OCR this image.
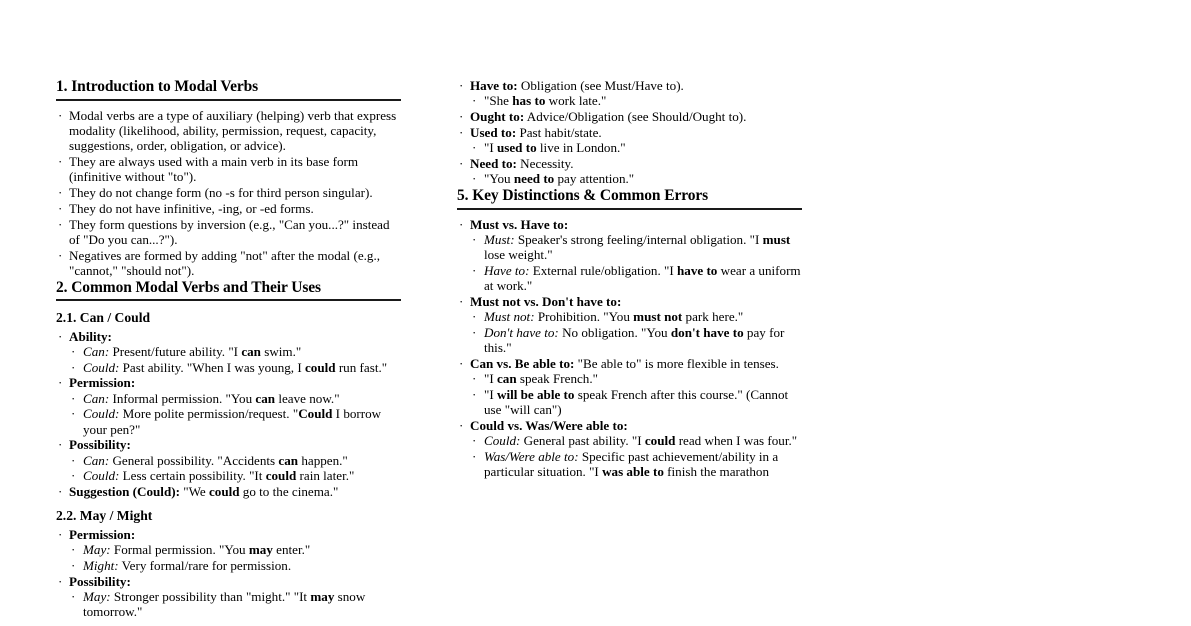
1. Introduction to Modal Verbs
· Modal verbs are a type of auxiliary (helping) verb that express modality (likelihood, ability, permission, request, capacity, suggestions, order, obligation, or advice).
· They are always used with a main verb in its base form (infinitive without "to").
· They do not change form (no -s for third person singular).
· They do not have infinitive, -ing, or -ed forms.
· They form questions by inversion (e.g., "Can you...?" instead of "Do you can...?").
· Negatives are formed by adding "not" after the modal (e.g., "cannot," "should not").
2. Common Modal Verbs and Their Uses
2.1. Can / Could
· Ability:
· Can: Present/future ability. "I can swim."
· Could: Past ability. "When I was young, I could run fast."
· Permission:
· Can: Informal permission. "You can leave now."
· Could: More polite permission/request. "Could I borrow your pen?"
· Possibility:
· Can: General possibility. "Accidents can happen."
· Could: Less certain possibility. "It could rain later."
· Suggestion (Could): "We could go to the cinema."
2.2. May / Might
· Permission:
· May: Formal permission. "You may enter."
· Might: Very formal/rare for permission.
· Possibility:
· May: Stronger possibility than "might." "It may snow tomorrow."
· Have to: Obligation (see Must/Have to).
· "She has to work late."
· Ought to: Advice/Obligation (see Should/Ought to).
· Used to: Past habit/state.
· "I used to live in London."
· Need to: Necessity.
· "You need to pay attention."
5. Key Distinctions & Common Errors
· Must vs. Have to:
· Must: Speaker's strong feeling/internal obligation. "I must lose weight."
· Have to: External rule/obligation. "I have to wear a uniform at work."
· Must not vs. Don't have to:
· Must not: Prohibition. "You must not park here."
· Don't have to: No obligation. "You don't have to pay for this."
· Can vs. Be able to: "Be able to" is more flexible in tenses.
· "I can speak French."
· "I will be able to speak French after this course." (Cannot use "will can")
· Could vs. Was/Were able to:
· Could: General past ability. "I could read when I was four."
· Was/Were able to: Specific past achievement/ability in a particular situation. "I was able to finish the marathon
